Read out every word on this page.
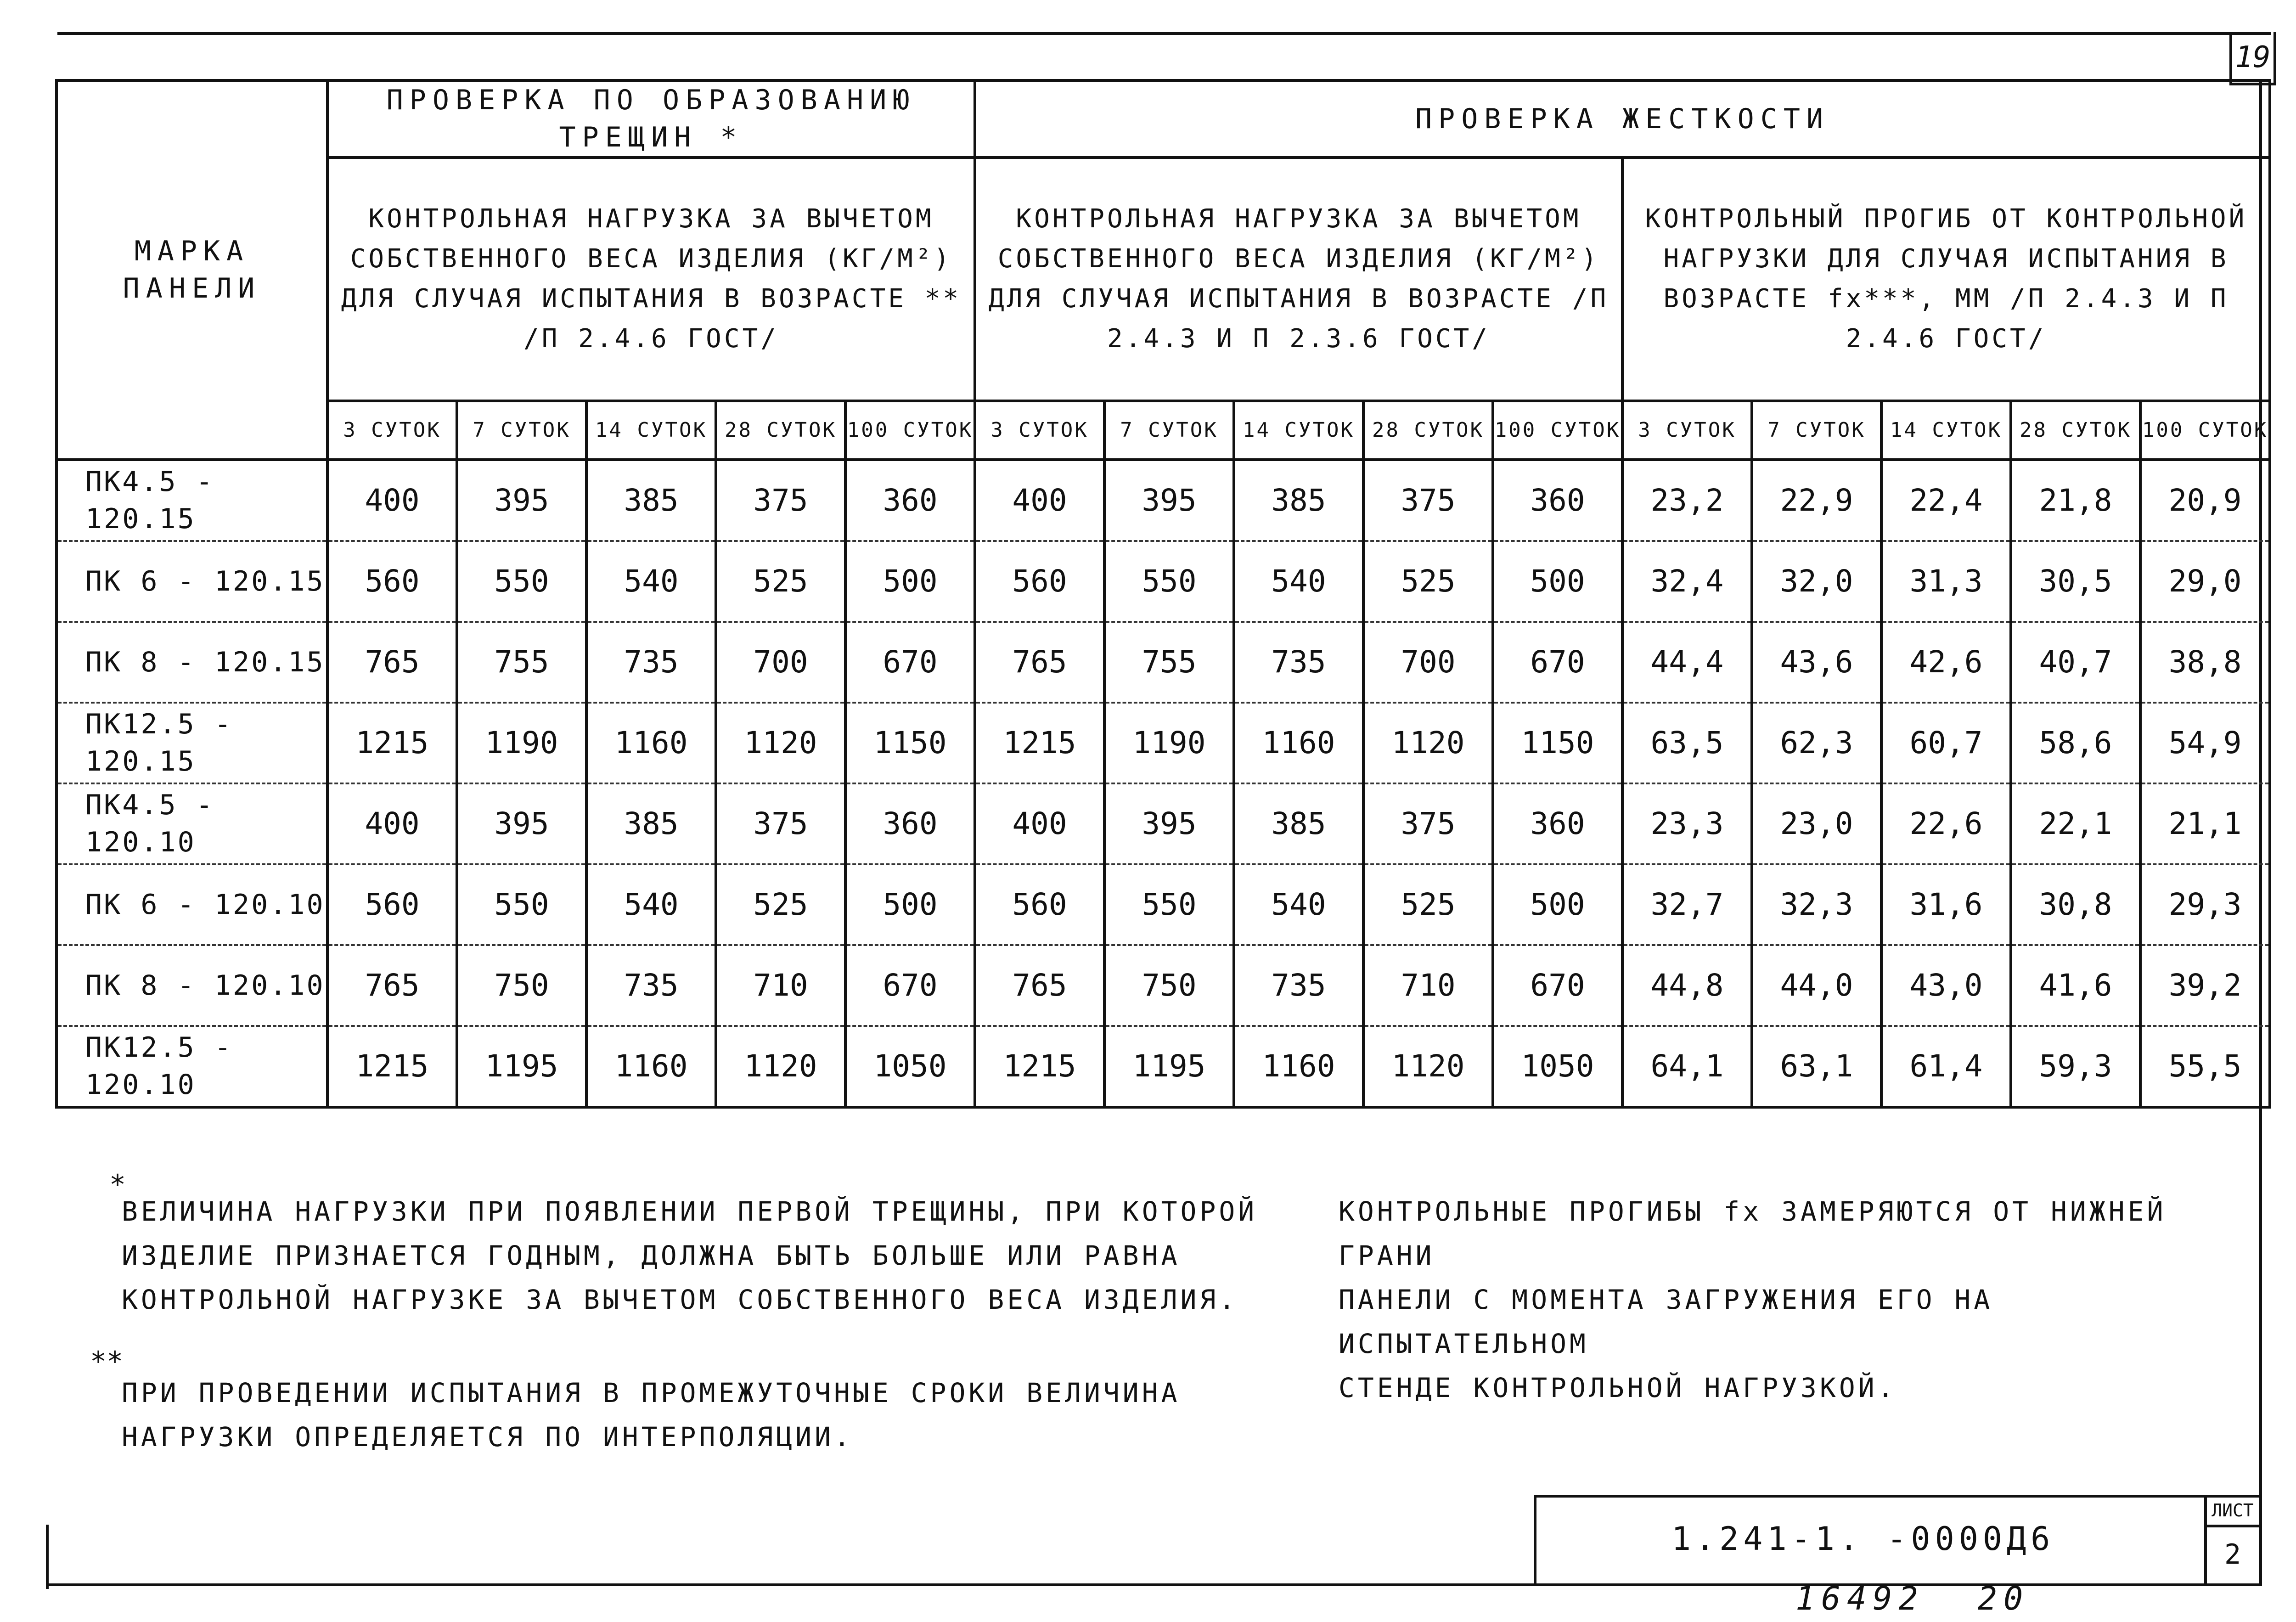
19
МАРКА ПАНЕЛИ	ПРОВЕРКА ПО ОБРАЗОВАНИЮ ТРЕЩИН *					ПРОВЕРКА ЖЕСТКОСТИ									
	КОНТРОЛЬНАЯ НАГРУЗКА ЗА ВЫЧЕТОМ СОБСТВЕННОГО ВЕСА ИЗДЕЛИЯ (КГ/М²) ДЛЯ СЛУЧАЯ ИСПЫТАНИЯ В ВОЗРАСТЕ ** /П 2.4.6 ГОСТ/					КОНТРОЛЬНАЯ НАГРУЗКА ЗА ВЫЧЕТОМ СОБСТВЕННОГО ВЕСА ИЗДЕЛИЯ (КГ/М²) ДЛЯ СЛУЧАЯ ИСПЫТАНИЯ В ВОЗРАСТЕ /П 2.4.3 И П 2.3.6 ГОСТ/					КОНТРОЛЬНЫЙ ПРОГИБ ОТ КОНТРОЛЬНОЙ НАГРУЗКИ ДЛЯ СЛУЧАЯ ИСПЫТАНИЯ В ВОЗРАСТЕ fx***, ММ /П 2.4.3 И П 2.4.6 ГОСТ/				
	3 СУТОК	7 СУТОК	14 СУТОК	28 СУТОК	100 СУТОК	3 СУТОК	7 СУТОК	14 СУТОК	28 СУТОК	100 СУТОК	3 СУТОК	7 СУТОК	14 СУТОК	28 СУТОК	100 СУТОК
ПК4.5 - 120.15	400	395	385	375	360	400	395	385	375	360	23,2	22,9	22,4	21,8	20,9
ПК 6 - 120.15	560	550	540	525	500	560	550	540	525	500	32,4	32,0	31,3	30,5	29,0
ПК 8 - 120.15	765	755	735	700	670	765	755	735	700	670	44,4	43,6	42,6	40,7	38,8
ПК12.5 - 120.15	1215	1190	1160	1120	1150	1215	1190	1160	1120	1150	63,5	62,3	60,7	58,6	54,9
ПК4.5 - 120.10	400	395	385	375	360	400	395	385	375	360	23,3	23,0	22,6	22,1	21,1
ПК 6 - 120.10	560	550	540	525	500	560	550	540	525	500	32,7	32,3	31,6	30,8	29,3
ПК 8 - 120.10	765	750	735	710	670	765	750	735	710	670	44,8	44,0	43,0	41,6	39,2
ПК12.5 - 120.10	1215	1195	1160	1120	1050	1215	1195	1160	1120	1050	64,1	63,1	61,4	59,3	55,5
*
ВЕЛИЧИНА НАГРУЗКИ ПРИ ПОЯВЛЕНИИ ПЕРВОЙ ТРЕЩИНЫ, ПРИ КОТОРОЙ
ИЗДЕЛИЕ ПРИЗНАЕТСЯ ГОДНЫМ, ДОЛЖНА БЫТЬ БОЛЬШЕ ИЛИ РАВНА
КОНТРОЛЬНОЙ НАГРУЗКЕ ЗА ВЫЧЕТОМ СОБСТВЕННОГО ВЕСА ИЗДЕЛИЯ.
**
ПРИ ПРОВЕДЕНИИ ИСПЫТАНИЯ В ПРОМЕЖУТОЧНЫЕ СРОКИ ВЕЛИЧИНА
НАГРУЗКИ ОПРЕДЕЛЯЕТСЯ ПО ИНТЕРПОЛЯЦИИ.
КОНТРОЛЬНЫЕ ПРОГИБЫ fx ЗАМЕРЯЮТСЯ ОТ НИЖНЕЙ ГРАНИ
ПАНЕЛИ С МОМЕНТА ЗАГРУЖЕНИЯ ЕГО НА ИСПЫТАТЕЛЬНОМ
СТЕНДЕ КОНТРОЛЬНОЙ НАГРУЗКОЙ.
1.241-1. -0000Д6
ЛИСТ
2
16492 20
